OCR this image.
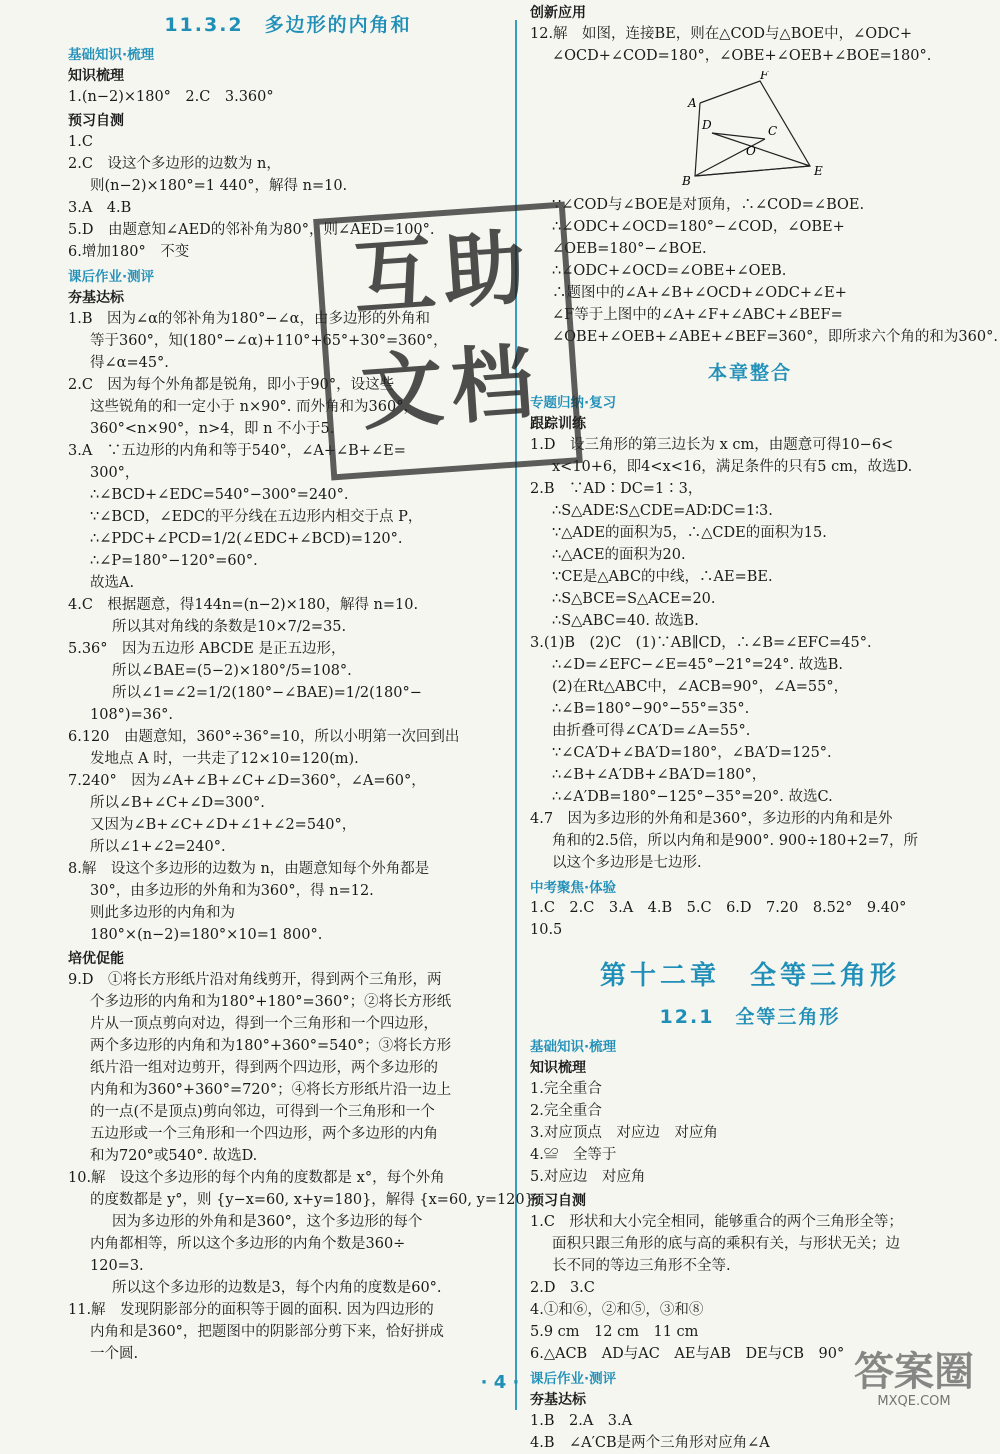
11.3.2　多边形的内角和
基础知识·梳理
知识梳理
1.(n−2)×180°　2.C　3.360°
预习自测
1.C
2.C　设这个多边形的边数为 n，
则(n−2)×180°=1 440°，解得 n=10.
3.A　4.B
5.D　由题意知∠AED的邻补角为80°，则∠AED=100°.
6.增加180°　不变
课后作业·测评
夯基达标
1.B　因为∠α的邻补角为180°−∠α，由多边形的外角和
等于360°，知(180°−∠α)+110°+65°+30°=360°，
得∠α=45°.
2.C　因为每个外角都是锐角，即小于90°，设这些
这些锐角的和一定小于 n×90°. 而外角和为360°，
360°<n×90°，n>4，即 n 不小于5.
3.A　∵五边形的内角和等于540°，∠A+∠B+∠E=
300°，
∴∠BCD+∠EDC=540°−300°=240°.
∵∠BCD，∠EDC的平分线在五边形内相交于点 P，
∴∠PDC+∠PCD=1/2(∠EDC+∠BCD)=120°.
∴∠P=180°−120°=60°.
故选A.
4.C　根据题意，得144n=(n−2)×180，解得 n=10.
所以其对角线的条数是10×7/2=35.
5.36°　因为五边形 ABCDE 是正五边形，
所以∠BAE=(5−2)×180°/5=108°.
所以∠1=∠2=1/2(180°−∠BAE)=1/2(180°−
108°)=36°.
6.120　由题意知，360°÷36°=10，所以小明第一次回到出
发地点 A 时，一共走了12×10=120(m).
7.240°　因为∠A+∠B+∠C+∠D=360°，∠A=60°，
所以∠B+∠C+∠D=300°.
又因为∠B+∠C+∠D+∠1+∠2=540°，
所以∠1+∠2=240°.
8.解　设这个多边形的边数为 n，由题意知每个外角都是
30°，由多边形的外角和为360°，得 n=12.
则此多边形的内角和为
180°×(n−2)=180°×10=1 800°.
培优促能
9.D　①将长方形纸片沿对角线剪开，得到两个三角形，两
个多边形的内角和为180°+180°=360°；②将长方形纸
片从一顶点剪向对边，得到一个三角形和一个四边形，
两个多边形的内角和为180°+360°=540°；③将长方形
纸片沿一组对边剪开，得到两个四边形，两个多边形的
内角和为360°+360°=720°；④将长方形纸片沿一边上
的一点(不是顶点)剪向邻边，可得到一个三角形和一个
五边形或一个三角形和一个四边形，两个多边形的内角
和为720°或540°. 故选D.
10.解　设这个多边形的每个内角的度数都是 x°，每个外角
的度数都是 y°，则 {y−x=60, x+y=180}，解得 {x=60, y=120}.
因为多边形的外角和是360°，这个多边形的每个
内角都相等，所以这个多边形的内角个数是360÷
120=3.
所以这个多边形的边数是3，每个内角的度数是60°.
11.解　发现阴影部分的面积等于圆的面积. 因为四边形的
内角和是360°，把题图中的阴影部分剪下来，恰好拼成
一个圆.
创新应用
12.解　如图，连接BE，则在△COD与△BOE中，∠ODC+
∠OCD+∠COD=180°，∠OBE+∠OEB+∠BOE=180°.
F
A
D	C
O
B
E
∵∠COD与∠BOE是对顶角，∴∠COD=∠BOE.
∴∠ODC+∠OCD=180°−∠COD，∠OBE+
∠OEB=180°−∠BOE.
∴∠ODC+∠OCD=∠OBE+∠OEB.
∴题图中的∠A+∠B+∠OCD+∠ODC+∠E+
∠F等于上图中的∠A+∠F+∠ABC+∠BEF=
∠OBE+∠OEB+∠ABE+∠BEF=360°，即所求六个角的和为360°.
本章整合
专题归纳·复习
跟踪训练
1.D　设三角形的第三边长为 x cm，由题意可得10−6<
x<10+6，即4<x<16，满足条件的只有5 cm，故选D.
2.B　∵AD∶DC=1∶3，
∴S△ADE∶S△CDE=AD∶DC=1∶3.
∵△ADE的面积为5，∴△CDE的面积为15.
∴△ACE的面积为20.
∵CE是△ABC的中线，∴AE=BE.
∴S△BCE=S△ACE=20.
∴S△ABC=40. 故选B.
3.(1)B　(2)C　(1)∵AB∥CD，∴∠B=∠EFC=45°.
∴∠D=∠EFC−∠E=45°−21°=24°. 故选B.
(2)在Rt△ABC中，∠ACB=90°，∠A=55°，
∴∠B=180°−90°−55°=35°.
由折叠可得∠CA′D=∠A=55°.
∵∠CA′D+∠BA′D=180°，∠BA′D=125°.
∴∠B+∠A′DB+∠BA′D=180°，
∴∠A′DB=180°−125°−35°=20°. 故选C.
4.7　因为多边形的外角和是360°，多边形的内角和是外
角和的2.5倍，所以内角和是900°. 900÷180+2=7，所
以这个多边形是七边形.
中考聚焦·体验
1.C　2.C　3.A　4.B　5.C　6.D　7.20　8.52°　9.40°
10.5
第十二章　全等三角形
12.1　全等三角形
基础知识·梳理
知识梳理
1.完全重合
2.完全重合
3.对应顶点　对应边　对应角
4.≌　全等于
5.对应边　对应角
预习自测
1.C　形状和大小完全相同，能够重合的两个三角形全等；
面积只跟三角形的底与高的乘积有关，与形状无关；边
长不同的等边三角形不全等.
2.D　3.C
4.①和⑥，②和⑤，③和⑧
5.9 cm　12 cm　11 cm
6.△ACB　AD与AC　AE与AB　DE与CB　90°
课后作业·测评
夯基达标
1.B　2.A　3.A
4.B　∠A′CB是两个三角形对应角∠A
互助文档
· 4 ·	答案圈
MXQE.COM
